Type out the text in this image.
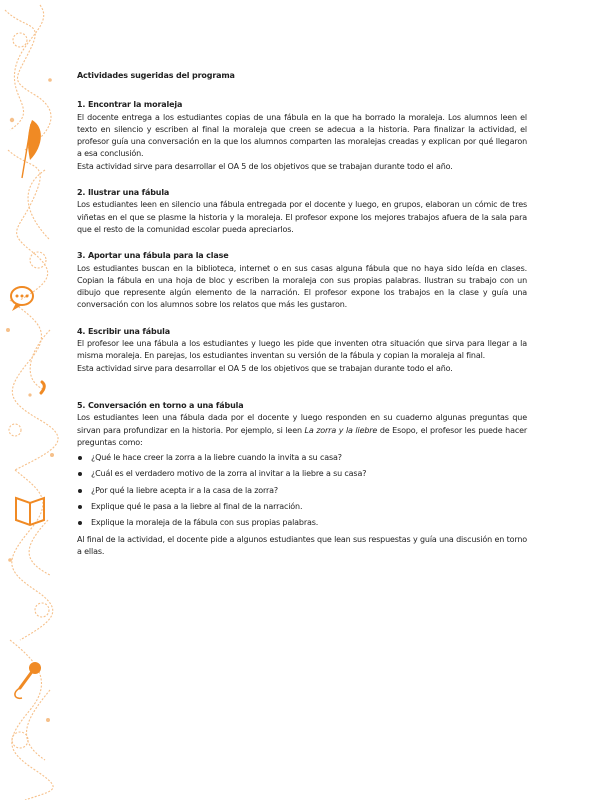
Actividades sugeridas del programa

1. Encontrar la moraleja

El docente entrega a los estudiantes copias de una fábula en la que ha borrado la moraleja. Los alumnos leen el texto en silencio y escriben al final la moraleja que creen se adecua a la historia. Para finalizar la actividad, el profesor guía una conversación en la que los alumnos comparten las moralejas creadas y explican por qué llegaron a esa conclusión.

Esta actividad sirve para desarrollar el OA 5 de los objetivos que se trabajan durante todo el año.

2. Ilustrar una fábula

Los estudiantes leen en silencio una fábula entregada por el docente y luego, en grupos, elaboran un cómic de tres viñetas en el que se plasme la historia y la moraleja. El profesor expone los mejores trabajos afuera de la sala para que el resto de la comunidad escolar pueda apreciarlos.

3. Aportar una fábula para la clase

Los estudiantes buscan en la biblioteca, internet o en sus casas alguna fábula que no haya sido leída en clases. Copian la fábula en una hoja de bloc y escriben la moraleja con sus propias palabras. Ilustran su trabajo con un dibujo que represente algún elemento de la narración. El profesor expone los trabajos en la clase y guía una conversación con los alumnos sobre los relatos que más les gustaron.

4. Escribir una fábula

El profesor lee una fábula a los estudiantes y luego les pide que inventen otra situación que sirva para llegar a la misma moraleja. En parejas, los estudiantes inventan su versión de la fábula y copian la moraleja al final.

Esta actividad sirve para desarrollar el OA 5 de los objetivos que se trabajan durante todo el año.

5. Conversación en torno a una fábula

Los estudiantes leen una fábula dada por el docente y luego responden en su cuaderno algunas preguntas que sirvan para profundizar en la historia. Por ejemplo, si leen La zorra y la liebre de Esopo, el profesor les puede hacer preguntas como:

¿Qué le hace creer la zorra a la liebre cuando la invita a su casa?
¿Cuál es el verdadero motivo de la zorra al invitar a la liebre a su casa?
¿Por qué la liebre acepta ir a la casa de la zorra?
Explique qué le pasa a la liebre al final de la narración.
Explique la moraleja de la fábula con sus propias palabras.

Al final de la actividad, el docente pide a algunos estudiantes que lean sus respuestas y guía una discusión en torno a ellas.
